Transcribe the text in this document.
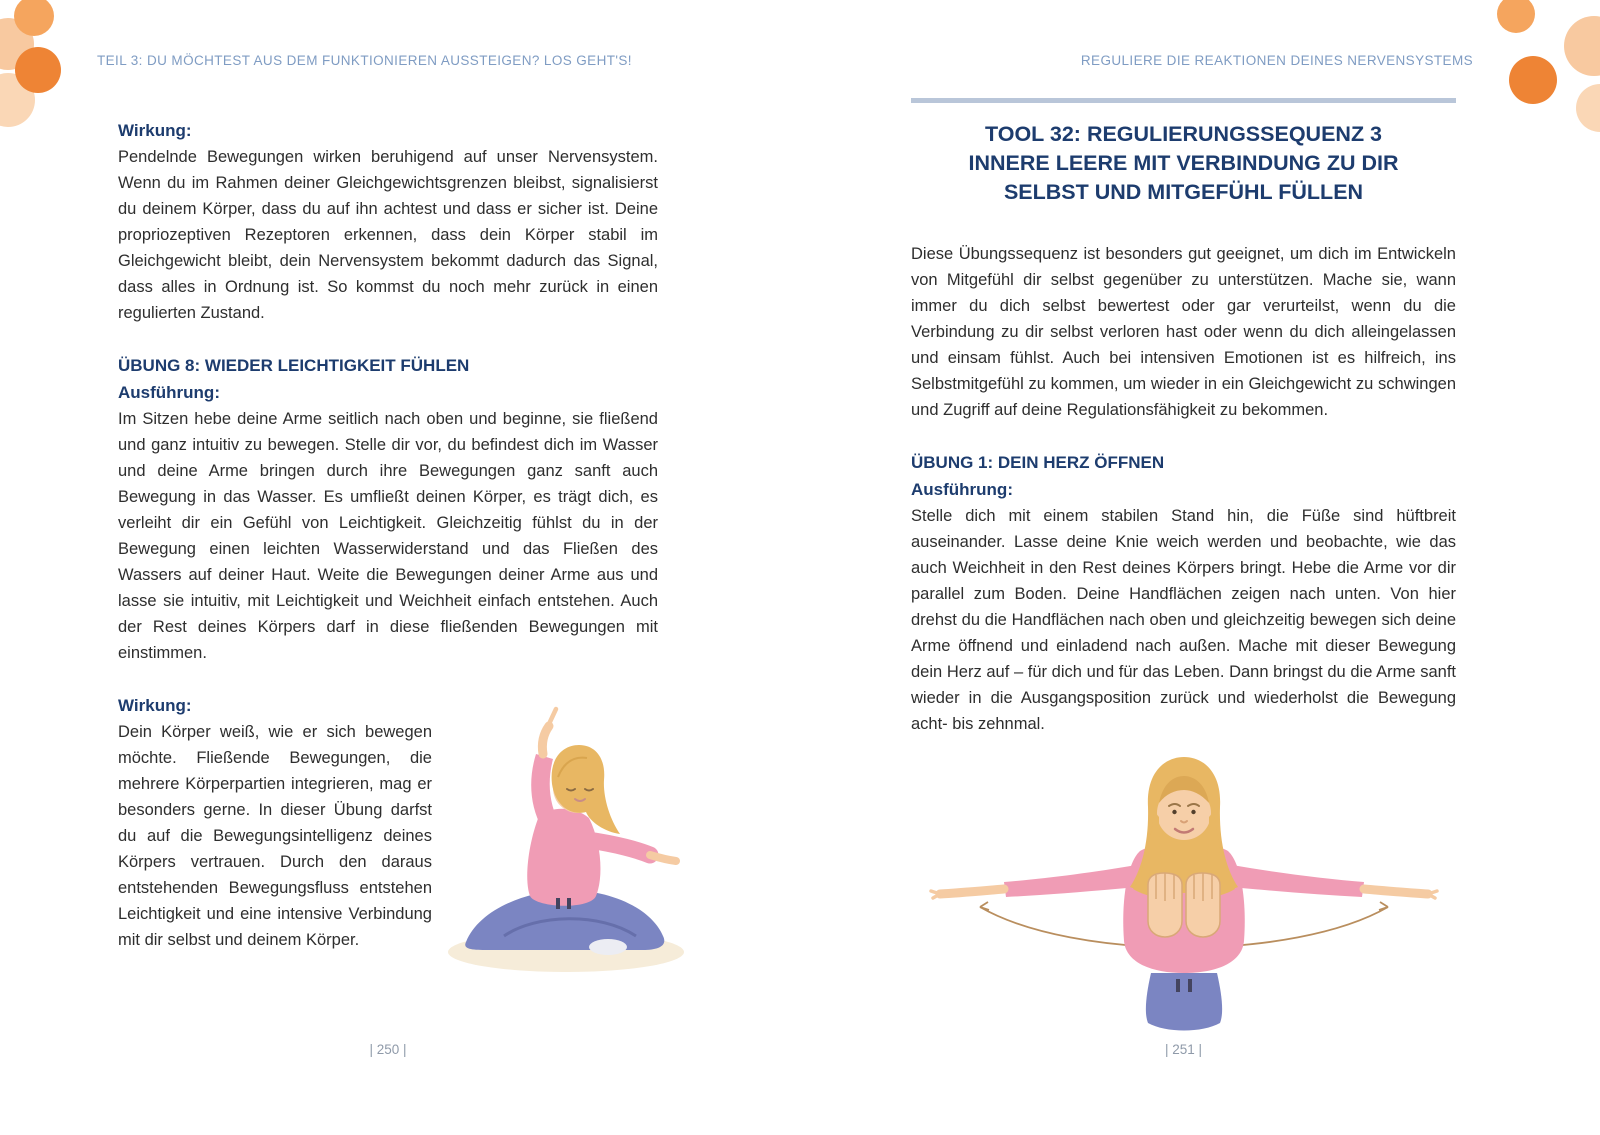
TEIL 3: DU MÖCHTEST AUS DEM FUNKTIONIEREN AUSSTEIGEN? LOS GEHT'S!	REGULIERE DIE REAKTIONEN DEINES NERVENSYSTEMS
Wirkung:

Pendelnde Bewegungen wirken beruhigend auf unser Nervensystem. Wenn du im Rahmen deiner Gleichgewichtsgrenzen bleibst, signalisierst du deinem Körper, dass du auf ihn achtest und dass er sicher ist. Deine propriozeptiven Rezeptoren erkennen, dass dein Körper stabil im Gleichgewicht bleibt, dein Nervensystem bekommt dadurch das Signal, dass alles in Ordnung ist. So kommst du noch mehr zurück in einen regulierten Zustand.

ÜBUNG 8: WIEDER LEICHTIGKEIT FÜHLEN
Ausführung:

Im Sitzen hebe deine Arme seitlich nach oben und beginne, sie fließend und ganz intuitiv zu bewegen. Stelle dir vor, du befindest dich im Wasser und deine Arme bringen durch ihre Bewegungen ganz sanft auch Bewegung in das Wasser. Es umfließt deinen Körper, es trägt dich, es verleiht dir ein Gefühl von Leichtigkeit. Gleichzeitig fühlst du in der Bewegung einen leichten Wasserwiderstand und das Fließen des Wassers auf deiner Haut. Weite die Bewegungen deiner Arme aus und lasse sie intuitiv, mit Leichtigkeit und Weichheit einfach entstehen. Auch der Rest deines Körpers darf in diese fließenden Bewegungen mit einstimmen.

Wirkung:

Dein Körper weiß, wie er sich bewegen möchte. Fließende Bewegungen, die mehrere Körperpartien integrieren, mag er besonders gerne. In dieser Übung darfst du auf die Bewegungsintelligenz deines Körpers vertrauen. Durch den daraus entstehenden Bewegungsfluss entstehen Leichtigkeit und eine intensive Verbindung mit dir selbst und deinem Körper.

TOOL 32: REGULIERUNGSSEQUENZ 3
INNERE LEERE MIT VERBINDUNG ZU DIR
SELBST UND MITGEFÜHL FÜLLEN

Diese Übungssequenz ist besonders gut geeignet, um dich im Entwickeln von Mitgefühl dir selbst gegenüber zu unterstützen. Mache sie, wann immer du dich selbst bewertest oder gar verurteilst, wenn du die Verbindung zu dir selbst verloren hast oder wenn du dich alleingelassen und einsam fühlst. Auch bei intensiven Emotionen ist es hilfreich, ins Selbstmitgefühl zu kommen, um wieder in ein Gleichgewicht zu schwingen und Zugriff auf deine Regulationsfähigkeit zu bekommen.

ÜBUNG 1: DEIN HERZ ÖFFNEN
Ausführung:

Stelle dich mit einem stabilen Stand hin, die Füße sind hüftbreit auseinander. Lasse deine Knie weich werden und beobachte, wie das auch Weichheit in den Rest deines Körpers bringt. Hebe die Arme vor dir parallel zum Boden. Deine Handflächen zeigen nach unten. Von hier drehst du die Handflächen nach oben und gleichzeitig bewegen sich deine Arme öffnend und einladend nach außen. Mache mit dieser Bewegung dein Herz auf – für dich und für das Leben. Dann bringst du die Arme sanft wieder in die Ausgangsposition zurück und wiederholst die Bewegung acht- bis zehnmal.

| 250 |	| 251 |
